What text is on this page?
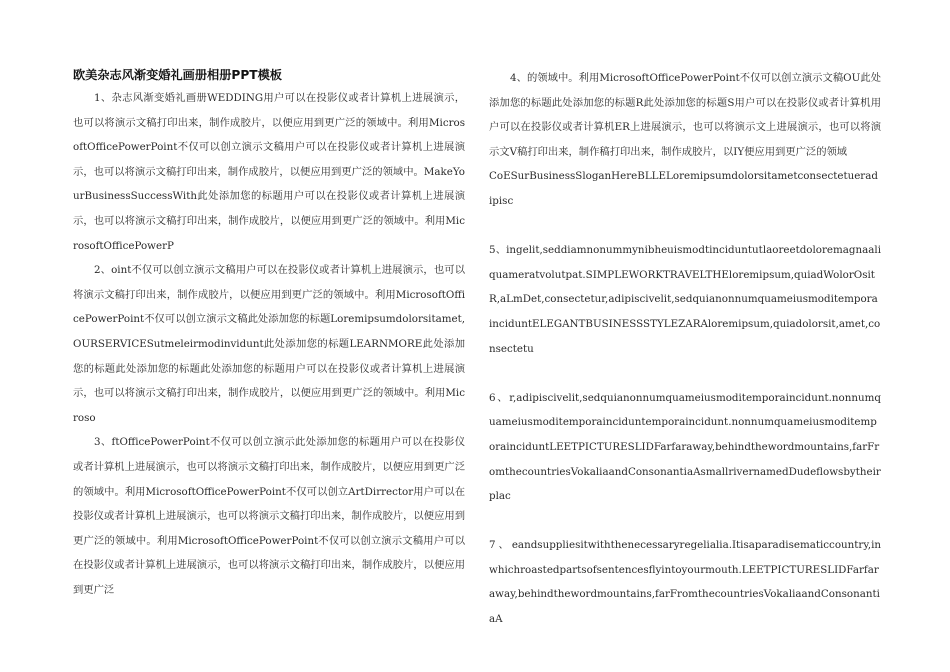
欧美杂志风渐变婚礼画册相册PPT模板

1、杂志风渐变婚礼画册WEDDING用户可以在投影仪或者计算机上进展演示，也可以将演示文稿打印出来，制作成胶片，以便应用到更广泛的领域中。利用MicrosoftOfficePowerPoint不仅可以创立演示文稿用户可以在投影仪或者计算机上进展演示，也可以将演示文稿打印出来，制作成胶片，以便应用到更广泛的领域中。MakeYourBusinessSuccessWith此处添加您的标题用户可以在投影仪或者计算机上进展演示，也可以将演示文稿打印出来，制作成胶片，以便应用到更广泛的领域中。利用MicrosoftOfficePowerP

2、oint不仅可以创立演示文稿用户可以在投影仪或者计算机上进展演示，也可以将演示文稿打印出来，制作成胶片，以便应用到更广泛的领域中。利用MicrosoftOfficePowerPoint不仅可以创立演示文稿此处添加您的标题Loremipsumdolorsitamet,OURSERVICESutmeleirmodinvidunt此处添加您的标题LEARNMORE此处添加您的标题此处添加您的标题此处添加您的标题用户可以在投影仪或者计算机上进展演示，也可以将演示文稿打印出来，制作成胶片，以便应用到更广泛的领域中。利用Microso

3、ftOfficePowerPoint不仅可以创立演示此处添加您的标题用户可以在投影仪或者计算机上进展演示，也可以将演示文稿打印出来，制作成胶片，以便应用到更广泛的领域中。利用MicrosoftOfficePowerPoint不仅可以创立ArtDirrector用户可以在投影仪或者计算机上进展演示，也可以将演示文稿打印出来，制作成胶片，以便应用到更广泛的领域中。利用MicrosoftOfficePowerPoint不仅可以创立演示文稿用户可以在投影仪或者计算机上进展演示，也可以将演示文稿打印出来，制作成胶片，以便应用到更广泛

4、的领域中。利用MicrosoftOfficePowerPoint不仅可以创立演示文稿OU此处添加您的标题此处添加您的标题R此处添加您的标题S用户可以在投影仪或者计算机用户可以在投影仪或者计算机ER上进展演示，也可以将演示文上进展演示，也可以将演示文V稿打印出来，制作稿打印出来，制作成胶片，以IY便应用到更广泛的领域

CoESurBusinessSloganHereBLLELoremipsumdolorsitametconsectetueradipisc

5、ingelit,seddiamnonummynibheuismodtinciduntutlaoreetdoloremagnaaliquameratvolutpat.SIMPLEWORKTRAVELTHEloremipsum,quiadWolorOsitR,aLmDet,consectetur,adipiscivelit,sedquianonnumquameiusmoditemporainciduntELEGANTBUSINESSSTYLEZARAloremipsum,quiadolorsit,amet,consectetu

6、r,adipiscivelit,sedquianonnumquameiusmoditemporaincidunt.nonnumquameiusmoditemporainciduntemporaincidunt.nonnumquameiusmoditemporainciduntLEETPICTURESLIDFarfaraway,behindthewordmountains,farFromthecountriesVokaliaandConsonantiaAsmallrivernamedDudeflowsbytheirplac

7、eandsuppliesitwiththenecessaryregelialia.Itisaparadisematiccountry,inwhichroastedpartsofsentencesflyintoyourmouth.LEETPICTURESLIDFarfaraway,behindthewordmountains,farFromthecountriesVokaliaandConsonantiaA
